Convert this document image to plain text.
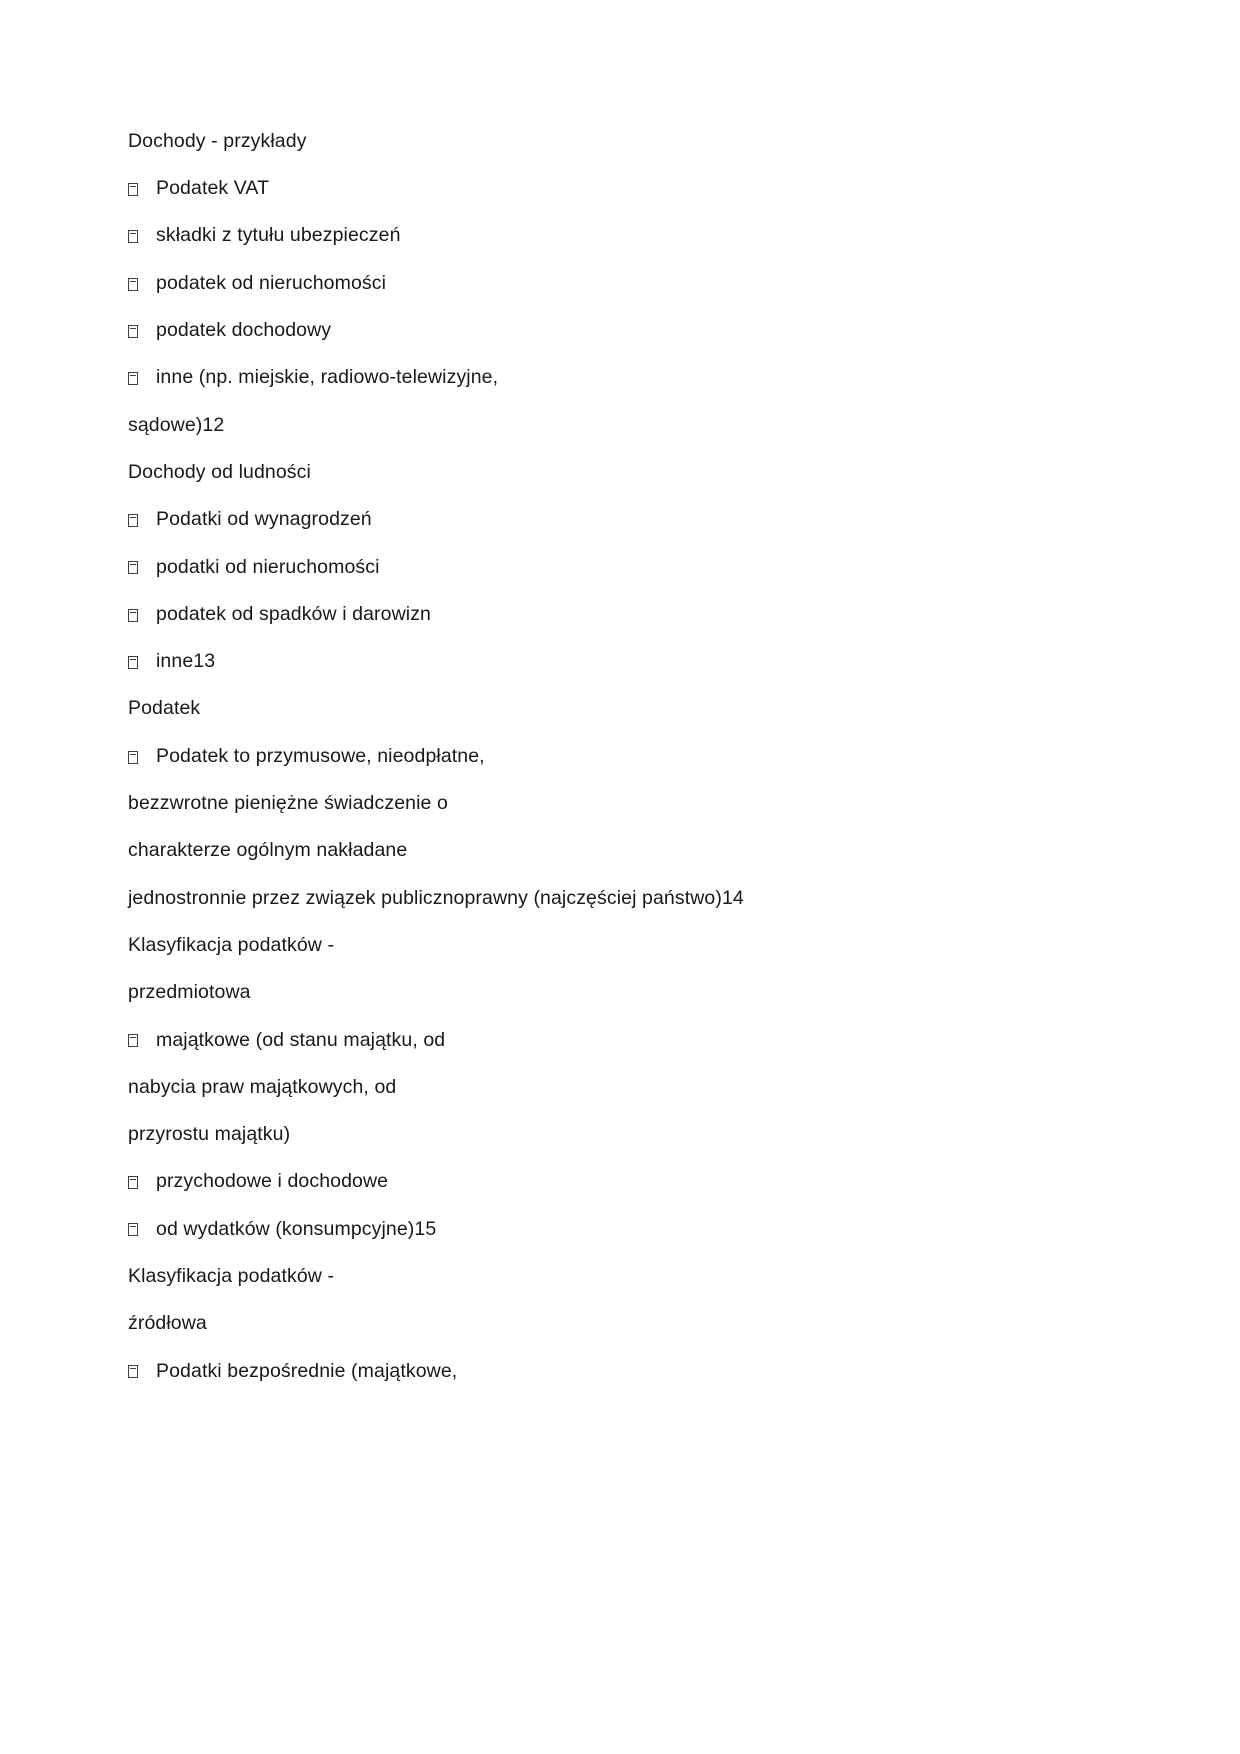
Dochody - przykłady
Podatek VAT
składki z tytułu ubezpieczeń
podatek od nieruchomości
podatek dochodowy
inne (np. miejskie, radiowo-telewizyjne,
sądowe)12
Dochody od ludności
Podatki od wynagrodzeń
podatki od nieruchomości
podatek od spadków i darowizn
inne13
Podatek
Podatek to przymusowe, nieodpłatne,
bezzwrotne pieniężne świadczenie o
charakterze ogólnym nakładane
jednostronnie przez związek publicznoprawny (najczęściej państwo)14
Klasyfikacja podatków -
przedmiotowa
majątkowe (od stanu majątku, od
nabycia praw majątkowych, od
przyrostu majątku)
przychodowe i dochodowe
od wydatków (konsumpcyjne)15
Klasyfikacja podatków -
źródłowa
Podatki bezpośrednie (majątkowe,
